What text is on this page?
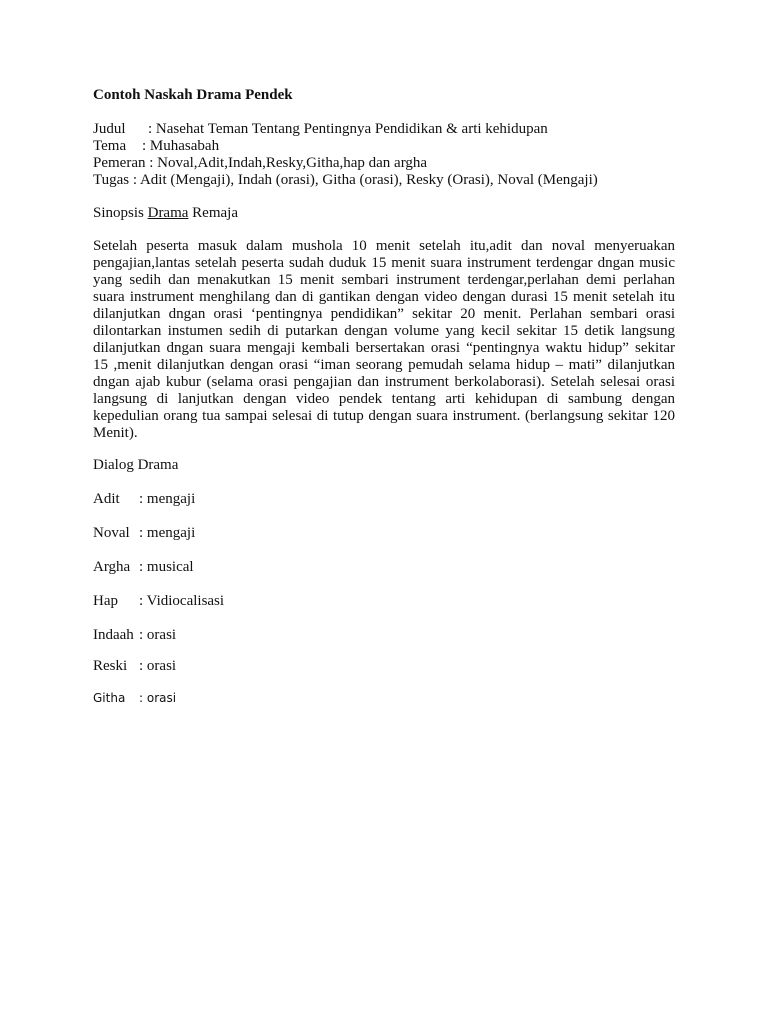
Contoh Naskah Drama Pendek
Judul : Nasehat Teman Tentang Pentingnya Pendidikan & arti kehidupan
Tema : Muhasabah
Pemeran : Noval,Adit,Indah,Resky,Githa,hap dan argha
Tugas : Adit (Mengaji), Indah (orasi), Githa (orasi), Resky (Orasi), Noval (Mengaji)
Sinopsis Drama Remaja
Setelah peserta masuk dalam mushola 10 menit setelah itu,adit dan noval menyeruakan
pengajian,lantas setelah peserta sudah duduk 15 menit suara instrument terdengar dngan music
yang sedih dan menakutkan 15 menit sembari instrument terdengar,perlahan demi perlahan
suara instrument menghilang dan di gantikan dengan video dengan durasi 15 menit setelah itu
dilanjutkan dngan orasi ‘pentingnya pendidikan” sekitar 20 menit. Perlahan sembari orasi
dilontarkan instumen sedih di putarkan dengan volume yang kecil sekitar 15 detik langsung
dilanjutkan dngan suara mengaji kembali bersertakan orasi “pentingnya waktu hidup” sekitar
15 ,menit dilanjutkan dengan orasi “iman seorang pemudah selama hidup – mati” dilanjutkan
dngan ajab kubur (selama orasi pengajian dan instrument berkolaborasi). Setelah selesai orasi
langsung di lanjutkan dengan video pendek tentang arti kehidupan di sambung dengan
kepedulian orang tua sampai selesai di tutup dengan suara instrument. (berlangsung sekitar 120
Menit).
Dialog Drama
Adit : mengaji
Noval : mengaji
Argha : musical
Hap : Vidiocalisasi
Indaah : orasi
Reski : orasi
Githa : orasi
